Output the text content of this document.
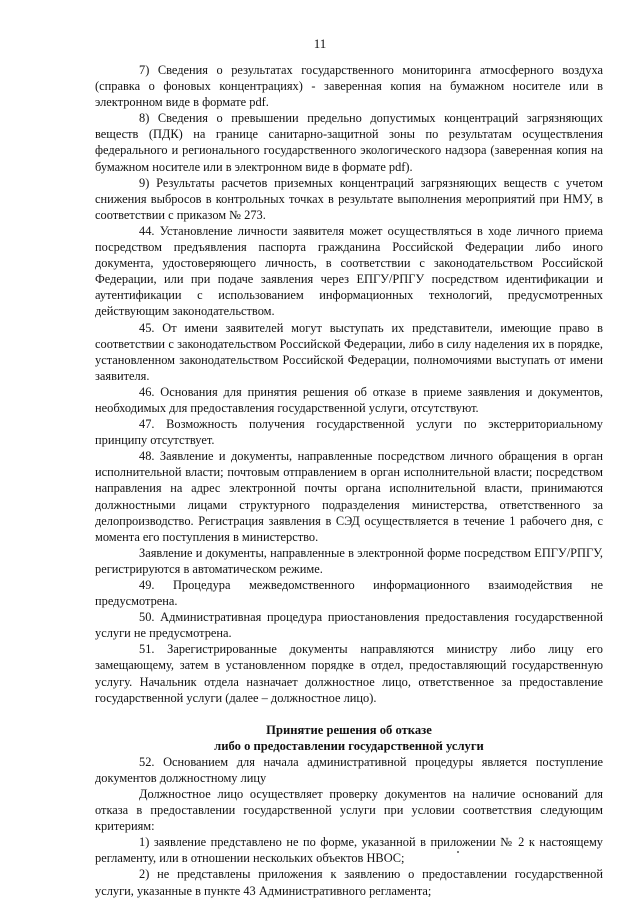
11

7) Сведения о результатах государственного мониторинга атмосферного воздуха (справка о фоновых концентрациях) - заверенная копия на бумажном носителе или в электронном виде в формате pdf.

8) Сведения о превышении предельно допустимых концентраций загрязняющих веществ (ПДК) на границе санитарно-защитной зоны по результатам осуществления федерального и регионального государственного экологического надзора (заверенная копия на бумажном носителе или в электронном виде в формате pdf).

9) Результаты расчетов приземных концентраций загрязняющих веществ с учетом снижения выбросов в контрольных точках в результате выполнения мероприятий при НМУ, в соответствии с приказом № 273.

44. Установление личности заявителя может осуществляться в ходе личного приема посредством предъявления паспорта гражданина Российской Федерации либо иного документа, удостоверяющего личность, в соответствии с законодательством Российской Федерации, или при подаче заявления через ЕПГУ/РПГУ посредством идентификации и аутентификации с использованием информационных технологий, предусмотренных действующим законодательством.

45. От имени заявителей могут выступать их представители, имеющие право в соответствии с законодательством Российской Федерации, либо в силу наделения их в порядке, установленном законодательством Российской Федерации, полномочиями выступать от имени заявителя.

46. Основания для принятия решения об отказе в приеме заявления и документов, необходимых для предоставления государственной услуги, отсутствуют.

47. Возможность получения государственной услуги по экстерриториальному принципу отсутствует.

48. Заявление и документы, направленные посредством личного обращения в орган исполнительной власти; почтовым отправлением в орган исполнительной власти; посредством направления на адрес электронной почты органа исполнительной власти, принимаются должностными лицами структурного подразделения министерства, ответственного за делопроизводство. Регистрация заявления в СЭД осуществляется в течение 1 рабочего дня, с момента его поступления в министерство.

Заявление и документы, направленные в электронной форме посредством ЕПГУ/РПГУ, регистрируются в автоматическом режиме.

49. Процедура межведомственного информационного взаимодействия не предусмотрена.

50. Административная процедура приостановления предоставления государственной услуги не предусмотрена.

51. Зарегистрированные документы направляются министру либо лицу его замещающему, затем в установленном порядке в отдел, предоставляющий государственную услугу. Начальник отдела назначает должностное лицо, ответственное за предоставление государственной услуги (далее – должностное лицо).

Принятие решения об отказе
либо о предоставлении государственной услуги

52. Основанием для начала административной процедуры является поступление документов должностному лицу

Должностное лицо осуществляет проверку документов на наличие оснований для отказа в предоставлении государственной услуги при условии соответствия следующим критериям:

1) заявление представлено не по форме, указанной в приложении № 2 к настоящему регламенту, или в отношении нескольких объектов НВОС;

2) не представлены приложения к заявлению о предоставлении государственной услуги, указанные в пункте 43 Административного регламента;
